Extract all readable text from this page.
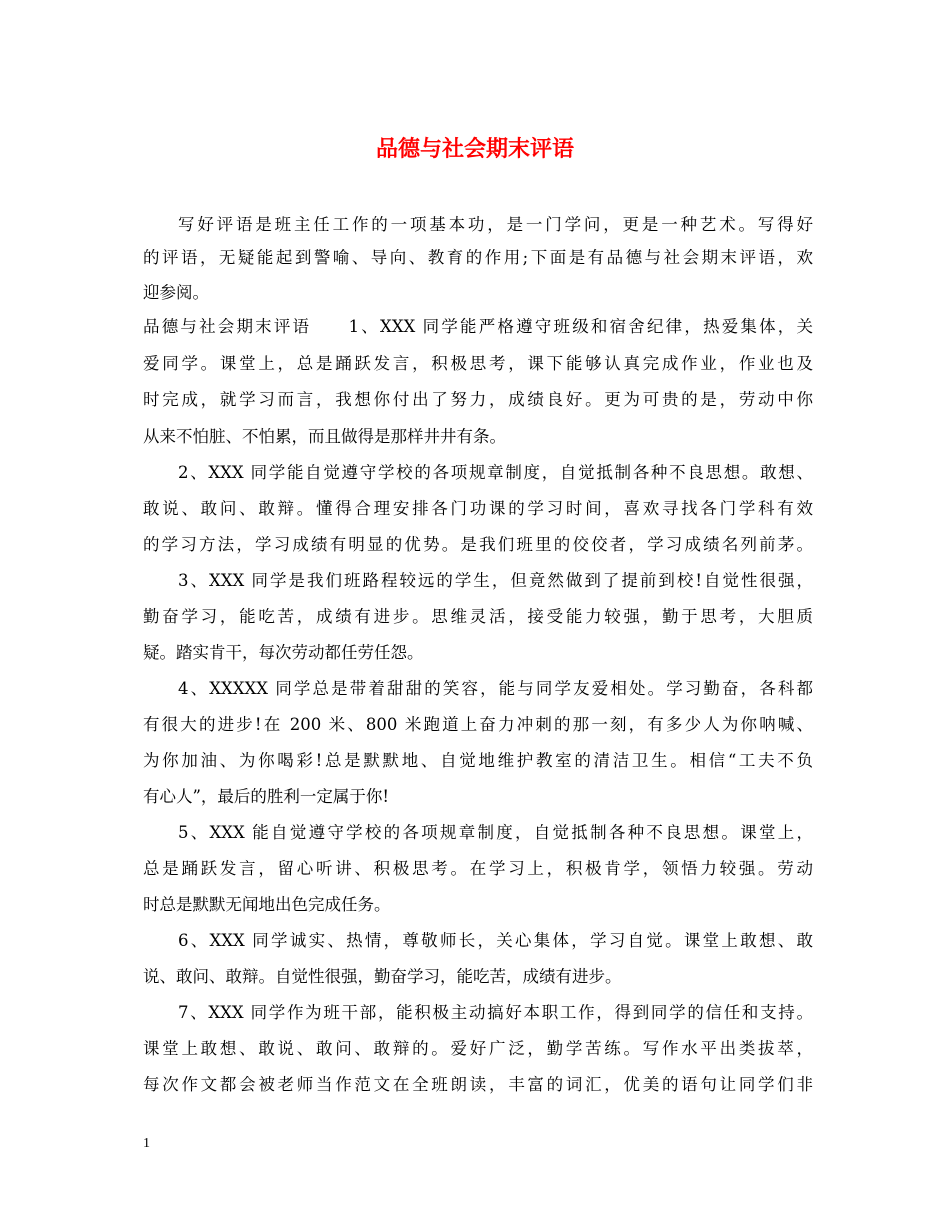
品德与社会期末评语
写好评语是班主任工作的一项基本功，是一门学问，更是一种艺术。写得好
的评语，无疑能起到警喻、导向、教育的作用;下面是有品德与社会期末评语，欢
迎参阅。
品德与社会期末评语　　1、XXX 同学能严格遵守班级和宿舍纪律，热爱集体，关
爱同学。课堂上，总是踊跃发言，积极思考，课下能够认真完成作业，作业也及
时完成，就学习而言，我想你付出了努力，成绩良好。更为可贵的是，劳动中你
从来不怕脏、不怕累，而且做得是那样井井有条。
2、XXX 同学能自觉遵守学校的各项规章制度，自觉抵制各种不良思想。敢想、
敢说、敢问、敢辩。懂得合理安排各门功课的学习时间，喜欢寻找各门学科有效
的学习方法，学习成绩有明显的优势。是我们班里的佼佼者，学习成绩名列前茅。
3、XXX 同学是我们班路程较远的学生，但竟然做到了提前到校!自觉性很强，
勤奋学习，能吃苦，成绩有进步。思维灵活，接受能力较强，勤于思考，大胆质
疑。踏实肯干，每次劳动都任劳任怨。
4、XXXXX 同学总是带着甜甜的笑容，能与同学友爱相处。学习勤奋，各科都
有很大的进步!在 200 米、800 米跑道上奋力冲刺的那一刻，有多少人为你呐喊、
为你加油、为你喝彩!总是默默地、自觉地维护教室的清洁卫生。相信“工夫不负
有心人”，最后的胜利一定属于你!
5、XXX 能自觉遵守学校的各项规章制度，自觉抵制各种不良思想。课堂上，
总是踊跃发言，留心听讲、积极思考。在学习上，积极肯学，领悟力较强。劳动
时总是默默无闻地出色完成任务。
6、XXX 同学诚实、热情，尊敬师长，关心集体，学习自觉。课堂上敢想、敢
说、敢问、敢辩。自觉性很强，勤奋学习，能吃苦，成绩有进步。
7、XXX 同学作为班干部，能积极主动搞好本职工作，得到同学的信任和支持。
课堂上敢想、敢说、敢问、敢辩的。爱好广泛，勤学苦练。写作水平出类拔萃，
每次作文都会被老师当作范文在全班朗读，丰富的词汇，优美的语句让同学们非
1
